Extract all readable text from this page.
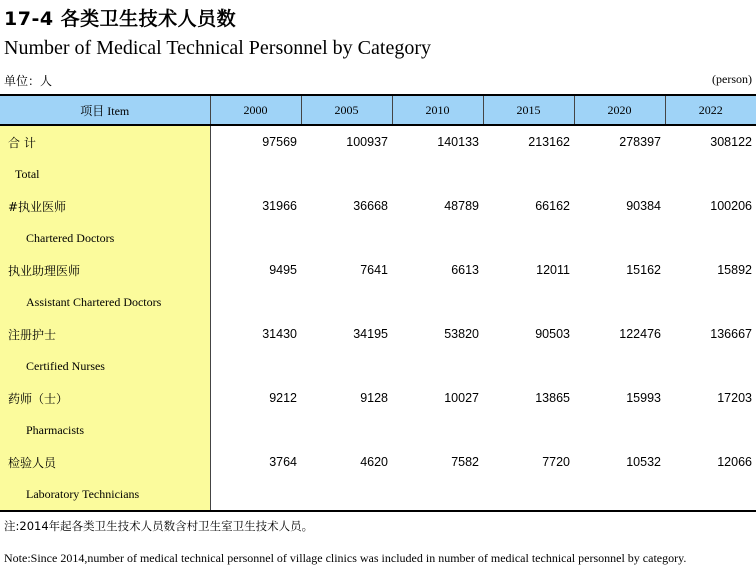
17-4 各类卫生技术人员数
Number of Medical Technical Personnel by Category
单位：人	(person)
项目 Item	2000	2005	2010	2015	2020	2022
合 计	97569	100937	140133	213162	278397	308122
Total						
#执业医师	31966	36668	48789	66162	90384	100206
Chartered Doctors						
执业助理医师	9495	7641	6613	12011	15162	15892
Assistant Chartered Doctors						
注册护士	31430	34195	53820	90503	122476	136667
Certified Nurses						
药师（士）	9212	9128	10027	13865	15993	17203
Pharmacists						
检验人员	3764	4620	7582	7720	10532	12066
Laboratory Technicians						
注:2014年起各类卫生技术人员数含村卫生室卫生技术人员。
Note:Since 2014,number of medical technical personnel of village clinics was included in number of medical technical personnel by category.
